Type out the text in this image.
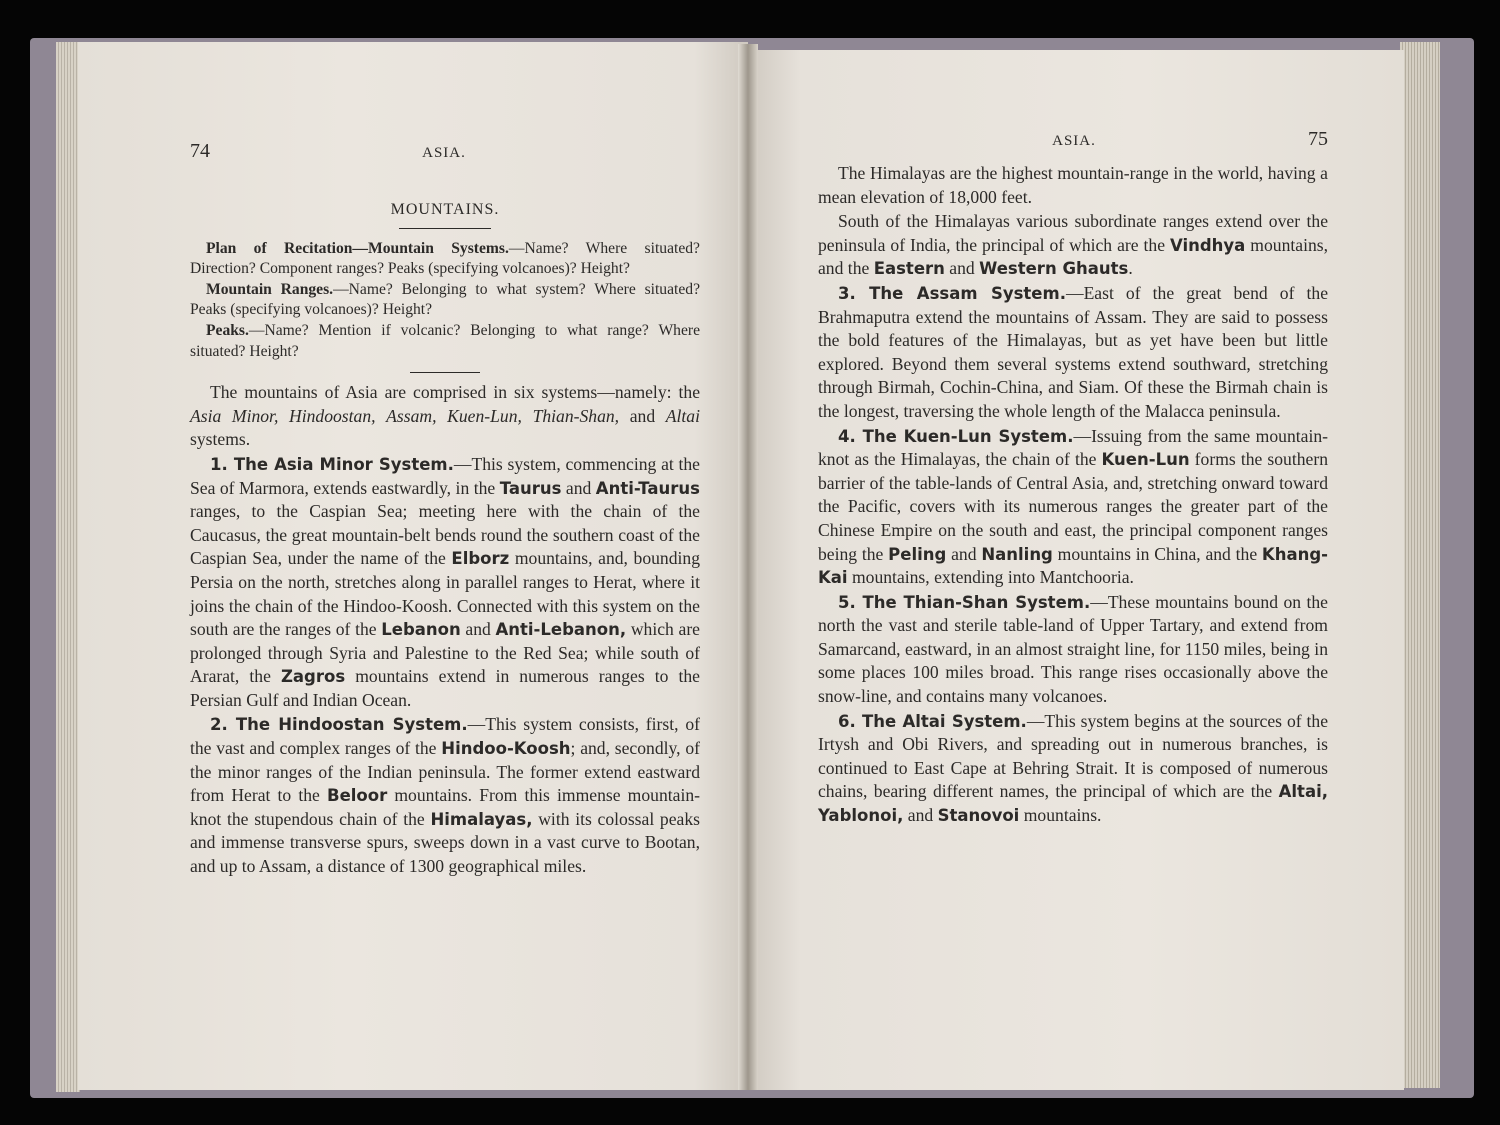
74	ASIA.
MOUNTAINS.

Plan of Recitation—Mountain Systems.—Name? Where situated? Direction? Component ranges? Peaks (specifying volcanoes)? Height?

Mountain Ranges.—Name? Belonging to what system? Where situated? Peaks (specifying volcanoes)? Height?

Peaks.—Name? Mention if volcanic? Belonging to what range? Where situated? Height?

The mountains of Asia are comprised in six systems—namely: the Asia Minor, Hindoostan, Assam, Kuen-Lun, Thian-Shan, and Altai systems.

1. The Asia Minor System.—This system, commencing at the Sea of Marmora, extends eastwardly, in the Taurus and Anti-Taurus ranges, to the Caspian Sea; meeting here with the chain of the Caucasus, the great mountain-belt bends round the southern coast of the Caspian Sea, under the name of the Elborz mountains, and, bounding Persia on the north, stretches along in parallel ranges to Herat, where it joins the chain of the Hindoo-Koosh. Connected with this system on the south are the ranges of the Lebanon and Anti-Lebanon, which are prolonged through Syria and Palestine to the Red Sea; while south of Ararat, the Zagros mountains extend in numerous ranges to the Persian Gulf and Indian Ocean.

2. The Hindoostan System.—This system consists, first, of the vast and complex ranges of the Hindoo-Koosh; and, secondly, of the minor ranges of the Indian peninsula. The former extend eastward from Herat to the Beloor mountains. From this immense mountain-knot the stupendous chain of the Himalayas, with its colossal peaks and immense transverse spurs, sweeps down in a vast curve to Bootan, and up to Assam, a distance of 1300 geographical miles.

ASIA.	75

The Himalayas are the highest mountain-range in the world, having a mean elevation of 18,000 feet.

South of the Himalayas various subordinate ranges extend over the peninsula of India, the principal of which are the Vindhya mountains, and the Eastern and Western Ghauts.

3. The Assam System.—East of the great bend of the Brahmaputra extend the mountains of Assam. They are said to possess the bold features of the Himalayas, but as yet have been but little explored. Beyond them several systems extend southward, stretching through Birmah, Cochin-China, and Siam. Of these the Birmah chain is the longest, traversing the whole length of the Malacca peninsula.

4. The Kuen-Lun System.—Issuing from the same mountain-knot as the Himalayas, the chain of the Kuen-Lun forms the southern barrier of the table-lands of Central Asia, and, stretching onward toward the Pacific, covers with its numerous ranges the greater part of the Chinese Empire on the south and east, the principal component ranges being the Peling and Nanling mountains in China, and the Khang-Kai mountains, extending into Mantchooria.

5. The Thian-Shan System.—These mountains bound on the north the vast and sterile table-land of Upper Tartary, and extend from Samarcand, eastward, in an almost straight line, for 1150 miles, being in some places 100 miles broad. This range rises occasionally above the snow-line, and contains many volcanoes.

6. The Altai System.—This system begins at the sources of the Irtysh and Obi Rivers, and spreading out in numerous branches, is continued to East Cape at Behring Strait. It is composed of numerous chains, bearing different names, the principal of which are the Altai, Yablonoi, and Stanovoi mountains.
